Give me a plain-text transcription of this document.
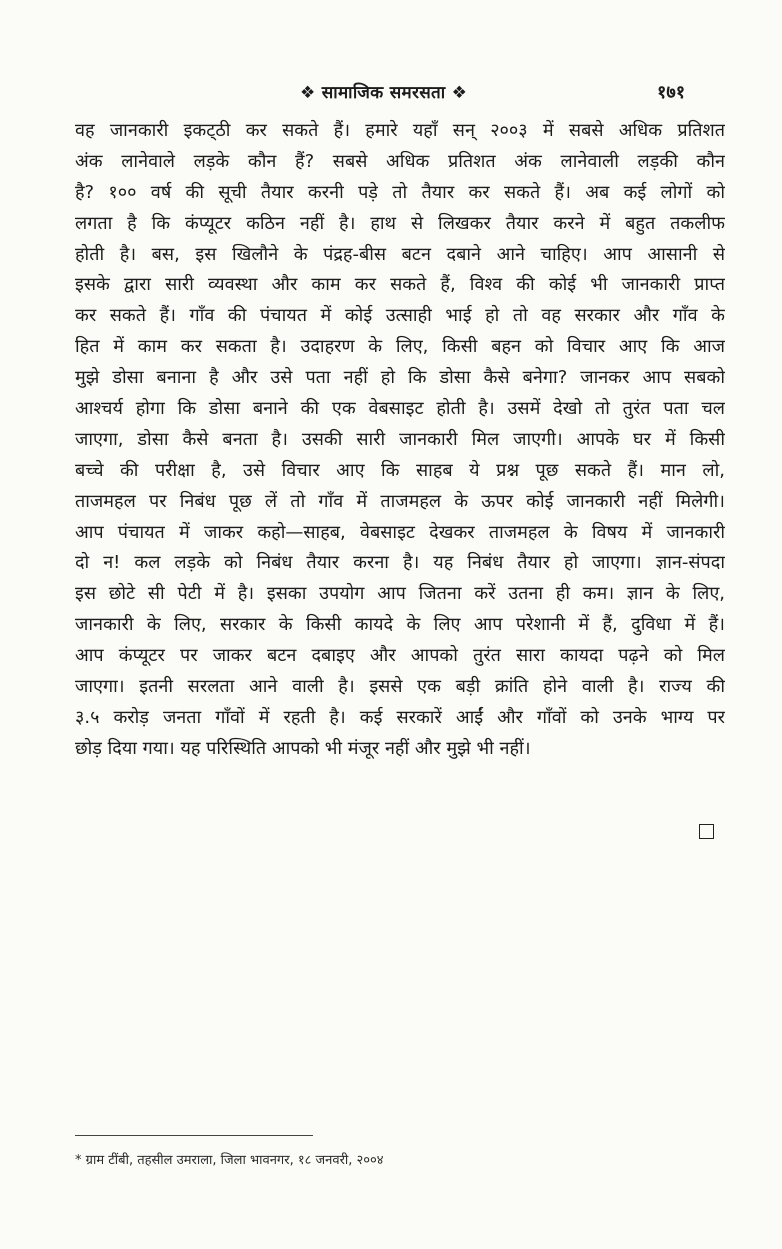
❖ सामाजिक समरसता ❖	१७१
वह जानकारी इकट्‌ठी कर सकते हैं। हमारे यहाँ सन्‌ २००३ में सबसे अधिक प्रतिशत
अंक लानेवाले लड़के कौन हैं? सबसे अधिक प्रतिशत अंक लानेवाली लड़की कौन
है? १०० वर्ष की सूची तैयार करनी पड़े तो तैयार कर सकते हैं। अब कई लोगों को
लगता है कि कंप्यूटर कठिन नहीं है। हाथ से लिखकर तैयार करने में बहुत तकलीफ
होती है। बस, इस खिलौने के पंद्रह-बीस बटन दबाने आने चाहिए। आप आसानी से
इसके द्वारा सारी व्यवस्था और काम कर सकते हैं, विश्व की कोई भी जानकारी प्राप्त
कर सकते हैं। गाँव की पंचायत में कोई उत्साही भाई हो तो वह सरकार और गाँव के
हित में काम कर सकता है। उदाहरण के लिए, किसी बहन को विचार आए कि आज
मुझे डोसा बनाना है और उसे पता नहीं हो कि डोसा कैसे बनेगा? जानकर आप सबको
आश्चर्य होगा कि डोसा बनाने की एक वेबसाइट होती है। उसमें देखो तो तुरंत पता चल
जाएगा, डोसा कैसे बनता है। उसकी सारी जानकारी मिल जाएगी। आपके घर में किसी
बच्चे की परीक्षा है, उसे विचार आए कि साहब ये प्रश्न पूछ सकते हैं। मान लो,
ताजमहल पर निबंध पूछ लें तो गाँव में ताजमहल के ऊपर कोई जानकारी नहीं मिलेगी।
आप पंचायत में जाकर कहो—साहब, वेबसाइट देखकर ताजमहल के विषय में जानकारी
दो न! कल लड़के को निबंध तैयार करना है। यह निबंध तैयार हो जाएगा। ज्ञान-संपदा
इस छोटे सी पेटी में है। इसका उपयोग आप जितना करें उतना ही कम। ज्ञान के लिए,
जानकारी के लिए, सरकार के किसी कायदे के लिए आप परेशानी में हैं, दुविधा में हैं।
आप कंप्यूटर पर जाकर बटन दबाइए और आपको तुरंत सारा कायदा पढ़ने को मिल
जाएगा। इतनी सरलता आने वाली है। इससे एक बड़ी क्रांति होने वाली है। राज्य की
३.५ करोड़ जनता गाँवों में रहती है। कई सरकारें आईं और गाँवों को उनके भाग्य पर
छोड़ दिया गया। यह परिस्थिति आपको भी मंजूर नहीं और मुझे भी नहीं।
* ग्राम टींबी, तहसील उमराला, जिला भावनगर, १८ जनवरी, २००४
